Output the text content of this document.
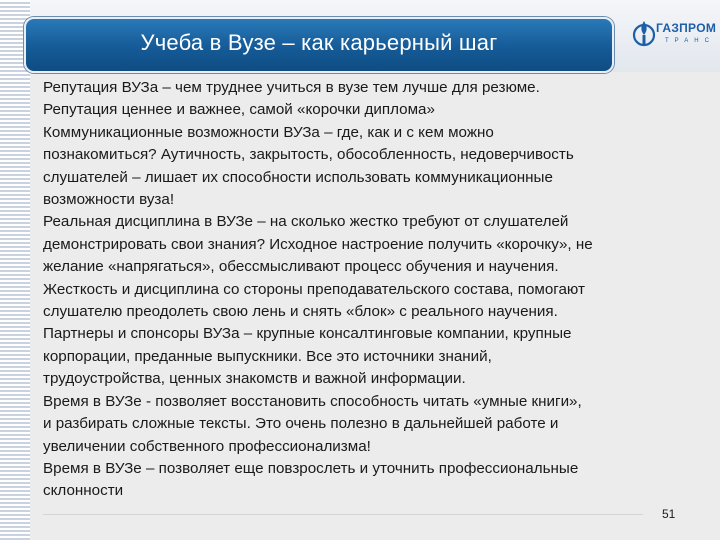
Учеба в Вузе – как карьерный шаг
ГАЗПРОМ
ТРАНС

Репутация ВУЗа – чем труднее учиться в вузе тем лучше для резюме.

Репутация ценнее и важнее, самой «корочки диплома»

Коммуникационные возможности ВУЗа – где, как и с кем можно

познакомиться? Аутичность, закрытость, обособленность, недоверчивость

слушателей – лишает их способности использовать коммуникационные

возможности вуза!

Реальная дисциплина в ВУЗе – на сколько жестко требуют от слушателей

демонстрировать свои знания? Исходное настроение получить «корочку», не

желание «напрягаться», обессмысливают процесс обучения и научения.

Жесткость и дисциплина со стороны преподавательского состава, помогают

слушателю преодолеть свою лень и снять «блок» с реального научения.

Партнеры и спонсоры ВУЗа – крупные консалтинговые компании, крупные

корпорации, преданные выпускники. Все это источники знаний,

трудоустройства, ценных знакомств и важной информации.

Время в ВУЗе - позволяет восстановить способность читать «умные книги»,

и разбирать сложные тексты. Это очень полезно в дальнейшей работе и

увеличении собственного профессионализма!

Время в ВУЗе – позволяет еще повзрослеть и уточнить профессиональные

склонности

51
